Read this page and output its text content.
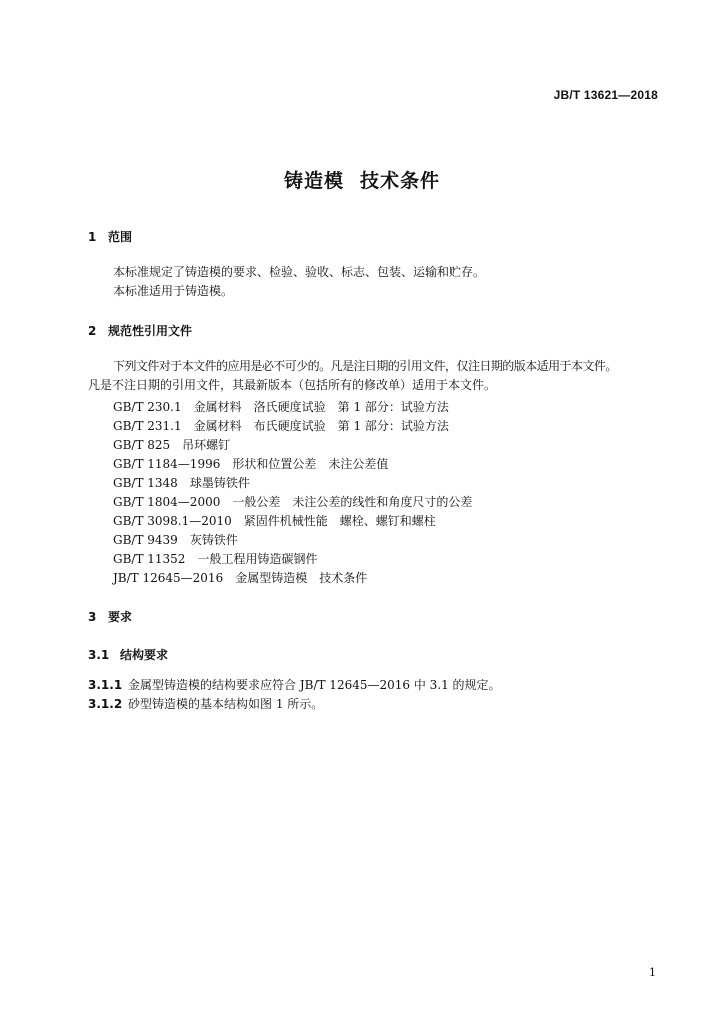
JB/T 13621—2018
铸造模 技术条件
1 范围
本标准规定了铸造模的要求、检验、验收、标志、包装、运输和贮存。
本标准适用于铸造模。
2 规范性引用文件
下列文件对于本文件的应用是必不可少的。凡是注日期的引用文件，仅注日期的版本适用于本文件。
凡是不注日期的引用文件，其最新版本（包括所有的修改单）适用于本文件。
GB/T 230.1 金属材料　洛氏硬度试验　第 1 部分：试验方法
GB/T 231.1 金属材料　布氏硬度试验　第 1 部分：试验方法
GB/T 825 吊环螺钉
GB/T 1184—1996 形状和位置公差　未注公差值
GB/T 1348 球墨铸铁件
GB/T 1804—2000 一般公差　未注公差的线性和角度尺寸的公差
GB/T 3098.1—2010 紧固件机械性能　螺栓、螺钉和螺柱
GB/T 9439 灰铸铁件
GB/T 11352 一般工程用铸造碳钢件
JB/T 12645—2016 金属型铸造模　技术条件
3 要求
3.1 结构要求
3.1.1 金属型铸造模的结构要求应符合 JB/T 12645—2016 中 3.1 的规定。
3.1.2 砂型铸造模的基本结构如图 1 所示。
1
